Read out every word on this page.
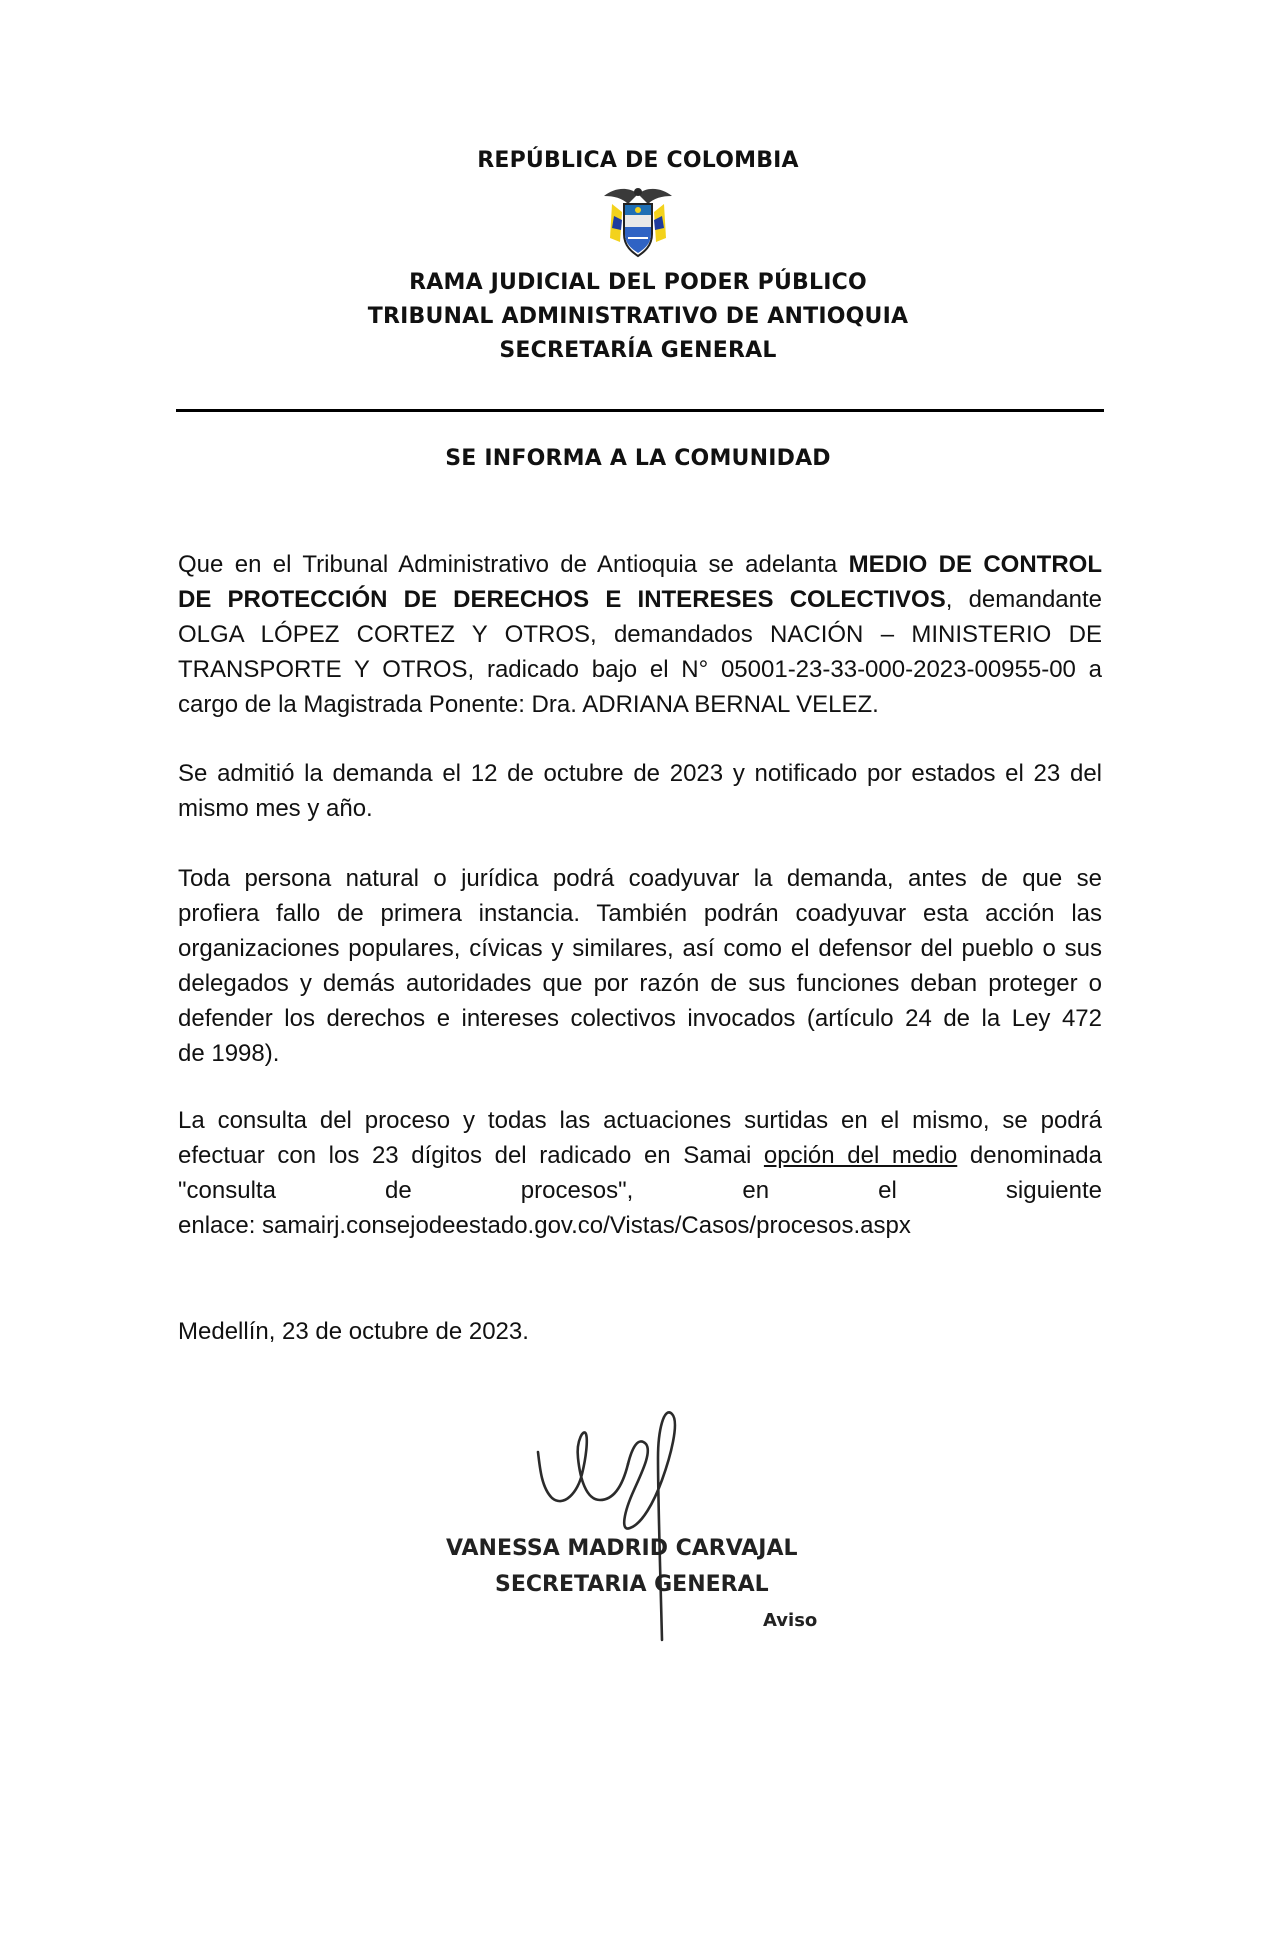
REPÚBLICA DE COLOMBIA
RAMA JUDICIAL DEL PODER PÚBLICO
TRIBUNAL ADMINISTRATIVO DE ANTIOQUIA
SECRETARÍA GENERAL
SE INFORMA A LA COMUNIDAD

Que en el Tribunal Administrativo de Antioquia se adelanta MEDIO DE CONTROL
DE PROTECCIÓN DE DERECHOS E INTERESES COLECTIVOS, demandante
OLGA LÓPEZ CORTEZ Y OTROS, demandados NACIÓN – MINISTERIO DE
TRANSPORTE Y OTROS, radicado bajo el N° 05001-23-33-000-2023-00955-00 a
cargo de la Magistrada Ponente: Dra. ADRIANA BERNAL VELEZ.

Se admitió la demanda el 12 de octubre de 2023 y notificado por estados el 23 del
mismo mes y año.

Toda persona natural o jurídica podrá coadyuvar la demanda, antes de que se
profiera fallo de primera instancia. También podrán coadyuvar esta acción las
organizaciones populares, cívicas y similares, así como el defensor del pueblo o sus
delegados y demás autoridades que por razón de sus funciones deban proteger o
defender los derechos e intereses colectivos invocados (artículo 24 de la Ley 472
de 1998).

La consulta del proceso y todas las actuaciones surtidas en el mismo, se podrá
efectuar con los 23 dígitos del radicado en Samai opción del medio denominada
"consulta de procesos", en el siguiente
enlace: samairj.consejodeestado.gov.co/Vistas/Casos/procesos.aspx

Medellín, 23 de octubre de 2023.

VANESSA MADRID CARVAJAL
SECRETARIA GENERAL
Aviso
